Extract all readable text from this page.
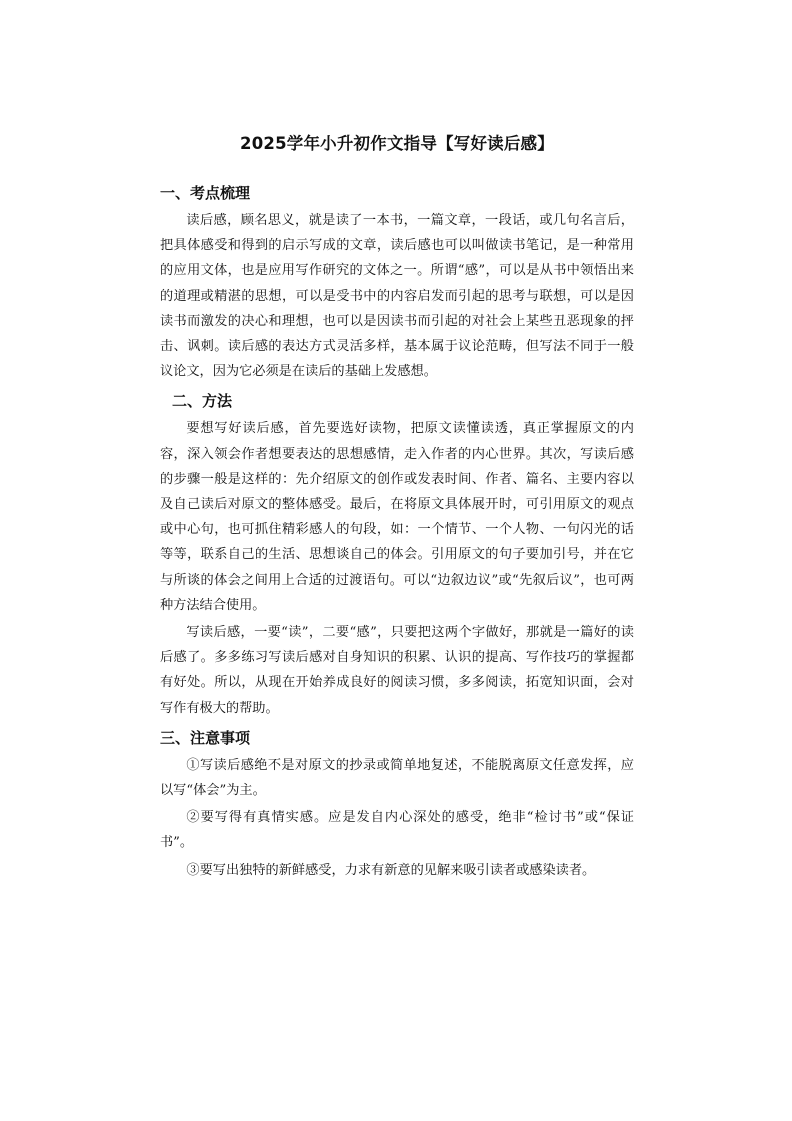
2025学年小升初作文指导【写好读后感】
一、考点梳理

读后感，顾名思义，就是读了一本书，一篇文章，一段话，或几句名言后，把具体感受和得到的启示写成的文章，读后感也可以叫做读书笔记，是一种常用的应用文体，也是应用写作研究的文体之一。所谓“感”，可以是从书中领悟出来的道理或精湛的思想，可以是受书中的内容启发而引起的思考与联想，可以是因读书而激发的决心和理想，也可以是因读书而引起的对社会上某些丑恶现象的抨击、讽刺。读后感的表达方式灵活多样，基本属于议论范畴，但写法不同于一般议论文，因为它必须是在读后的基础上发感想。

二、方法

要想写好读后感，首先要选好读物，把原文读懂读透，真正掌握原文的内容，深入领会作者想要表达的思想感情，走入作者的内心世界。其次，写读后感的步骤一般是这样的：先介绍原文的创作或发表时间、作者、篇名、主要内容以及自己读后对原文的整体感受。最后，在将原文具体展开时，可引用原文的观点或中心句，也可抓住精彩感人的句段，如：一个情节、一个人物、一句闪光的话等等，联系自己的生活、思想谈自己的体会。引用原文的句子要加引号，并在它与所谈的体会之间用上合适的过渡语句。可以“边叙边议”或“先叙后议”，也可两种方法结合使用。

写读后感，一要“读”，二要“感”，只要把这两个字做好，那就是一篇好的读后感了。多多练习写读后感对自身知识的积累、认识的提高、写作技巧的掌握都有好处。所以，从现在开始养成良好的阅读习惯，多多阅读，拓宽知识面，会对写作有极大的帮助。

三、注意事项

①写读后感绝不是对原文的抄录或简单地复述，不能脱离原文任意发挥，应以写“体会”为主。

②要写得有真情实感。应是发自内心深处的感受，绝非“检讨书”或“保证书”。

③要写出独特的新鲜感受，力求有新意的见解来吸引读者或感染读者。
